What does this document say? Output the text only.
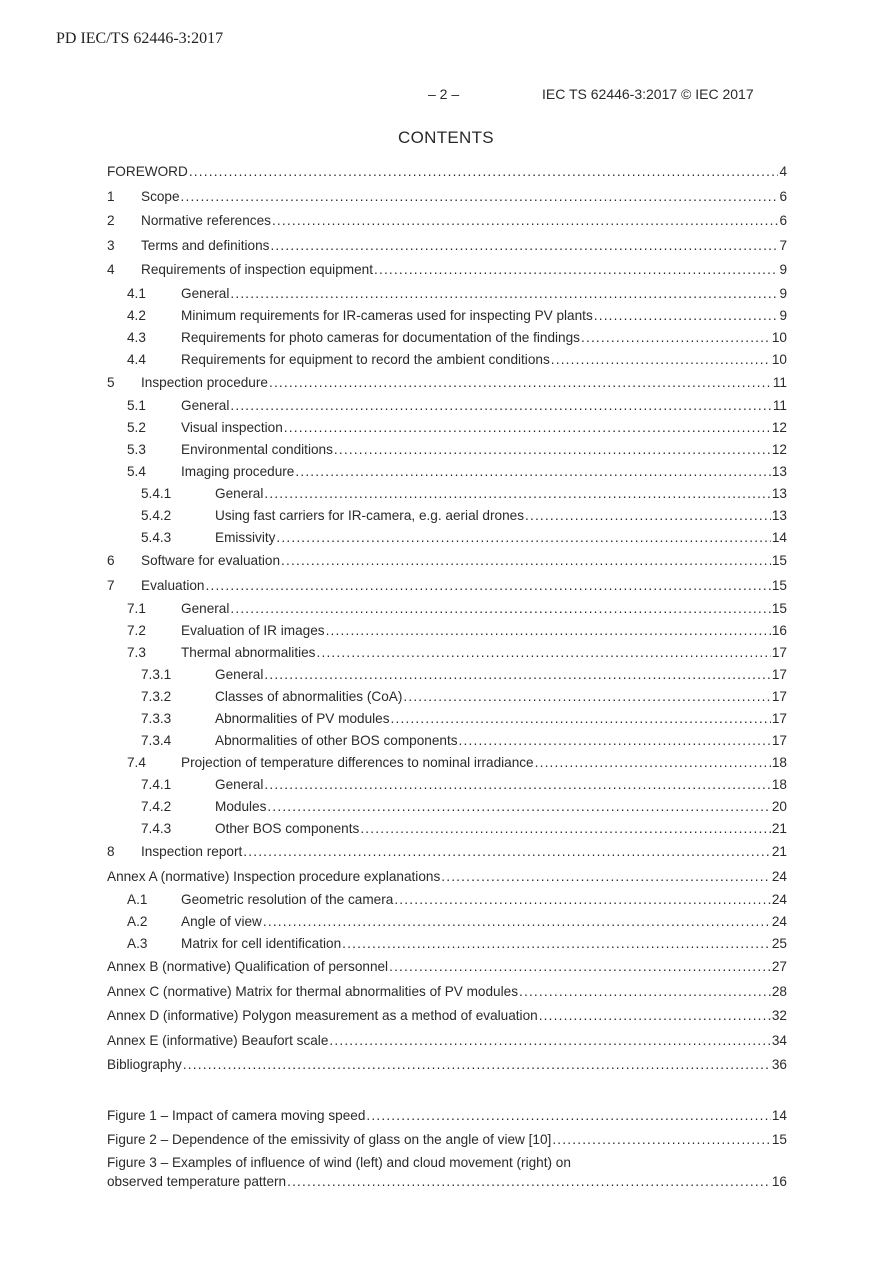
PD IEC/TS 62446-3:2017
– 2 –	IEC TS 62446-3:2017 © IEC 2017
CONTENTS
FOREWORD .....	4
1	Scope .....	6
2	Normative references .....	6
3	Terms and definitions .....	7
4	Requirements of inspection equipment .....	9
4.1	General .....	9
4.2	Minimum requirements for IR-cameras used for inspecting PV plants .....	9
4.3	Requirements for photo cameras for documentation of the findings .....	10
4.4	Requirements for equipment to record the ambient conditions .....	10
5	Inspection procedure .....	11
5.1	General .....	11
5.2	Visual inspection .....	12
5.3	Environmental conditions .....	12
5.4	Imaging procedure .....	13
5.4.1	General .....	13
5.4.2	Using fast carriers for IR-camera, e.g. aerial drones .....	13
5.4.3	Emissivity .....	14
6	Software for evaluation .....	15
7	Evaluation .....	15
7.1	General .....	15
7.2	Evaluation of IR images .....	16
7.3	Thermal abnormalities .....	17
7.3.1	General .....	17
7.3.2	Classes of abnormalities (CoA) .....	17
7.3.3	Abnormalities of PV modules .....	17
7.3.4	Abnormalities of other BOS components .....	17
7.4	Projection of temperature differences to nominal irradiance .....	18
7.4.1	General .....	18
7.4.2	Modules .....	20
7.4.3	Other BOS components .....	21
8	Inspection report .....	21
Annex A (normative) Inspection procedure explanations .....	24
A.1	Geometric resolution of the camera .....	24
A.2	Angle of view .....	24
A.3	Matrix for cell identification .....	25
Annex B (normative) Qualification of personnel .....	27
Annex C (normative) Matrix for thermal abnormalities of PV modules .....	28
Annex D (informative) Polygon measurement as a method of evaluation .....	32
Annex E (informative) Beaufort scale .....	34
Bibliography .....	36
Figure 1 – Impact of camera moving speed .....	14
Figure 2 – Dependence of the emissivity of glass on the angle of view [10] .....	15
Figure 3 – Examples of influence of wind (left) and cloud movement (right) on
observed temperature pattern .....	16
